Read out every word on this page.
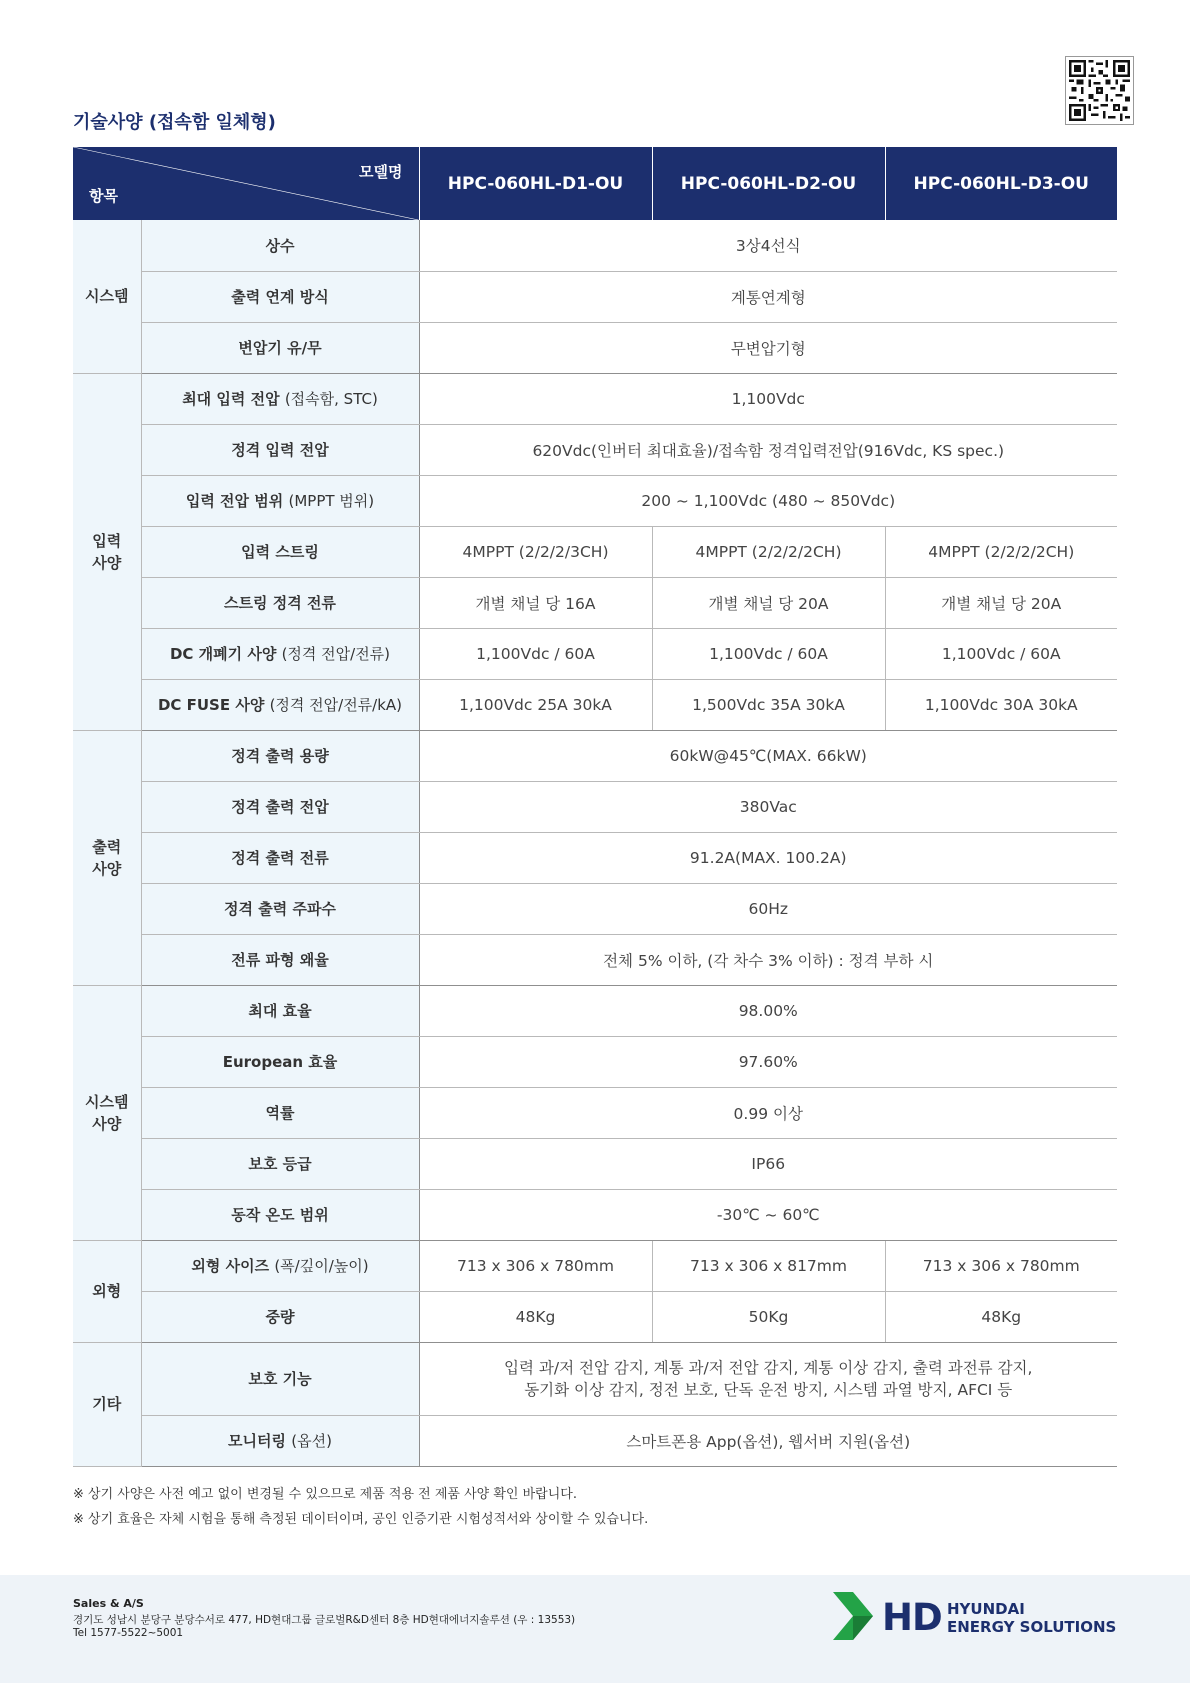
기술사양 (접속함 일체형)
모델명
항목		HPC-060HL-D1-OU	HPC-060HL-D2-OU	HPC-060HL-D3-OU
시스템	상수	3상4선식		
	출력 연계 방식	계통연계형		
	변압기 유/무	무변압기형		
입력
사양	최대 입력 전압 (접속함, STC)	1,100Vdc		
	정격 입력 전압	620Vdc(인버터 최대효율)/접속함 정격입력전압(916Vdc, KS spec.)		
	입력 전압 범위 (MPPT 범위)	200 ~ 1,100Vdc (480 ~ 850Vdc)		
	입력 스트링	4MPPT (2/2/2/3CH)	4MPPT (2/2/2/2CH)	4MPPT (2/2/2/2CH)
	스트링 정격 전류	개별 채널 당 16A	개별 채널 당 20A	개별 채널 당 20A
	DC 개폐기 사양 (정격 전압/전류)	1,100Vdc / 60A	1,100Vdc / 60A	1,100Vdc / 60A
	DC FUSE 사양 (정격 전압/전류/kA)	1,100Vdc 25A 30kA	1,500Vdc 35A 30kA	1,100Vdc 30A 30kA
출력
사양	정격 출력 용량	60kW@45℃(MAX. 66kW)		
	정격 출력 전압	380Vac		
	정격 출력 전류	91.2A(MAX. 100.2A)		
	정격 출력 주파수	60Hz		
	전류 파형 왜율	전체 5% 이하, (각 차수 3% 이하) : 정격 부하 시		
시스템
사양	최대 효율	98.00%		
	European 효율	97.60%		
	역률	0.99 이상		
	보호 등급	IP66		
	동작 온도 범위	-30℃ ~ 60℃		
외형	외형 사이즈 (폭/깊이/높이)	713 x 306 x 780mm	713 x 306 x 817mm	713 x 306 x 780mm
	중량	48Kg	50Kg	48Kg
기타	보호 기능	입력 과/저 전압 감지, 계통 과/저 전압 감지, 계통 이상 감지, 출력 과전류 감지,
동기화 이상 감지, 정전 보호, 단독 운전 방지, 시스템 과열 방지, AFCI 등		
	모니터링 (옵션)	스마트폰용 App(옵션), 웹서버 지원(옵션)		
※ 상기 사양은 사전 예고 없이 변경될 수 있으므로 제품 적용 전 제품 사양 확인 바랍니다.
※ 상기 효율은 자체 시험을 통해 측정된 데이터이며, 공인 인증기관 시험성적서와 상이할 수 있습니다.
Sales & A/S
경기도 성남시 분당구 분당수서로 477, HD현대그룹 글로벌R&D센터 8층 HD현대에너지솔루션 (우 : 13553)
Tel 1577-5522~5001	HD HYUNDAI
ENERGY SOLUTIONS
